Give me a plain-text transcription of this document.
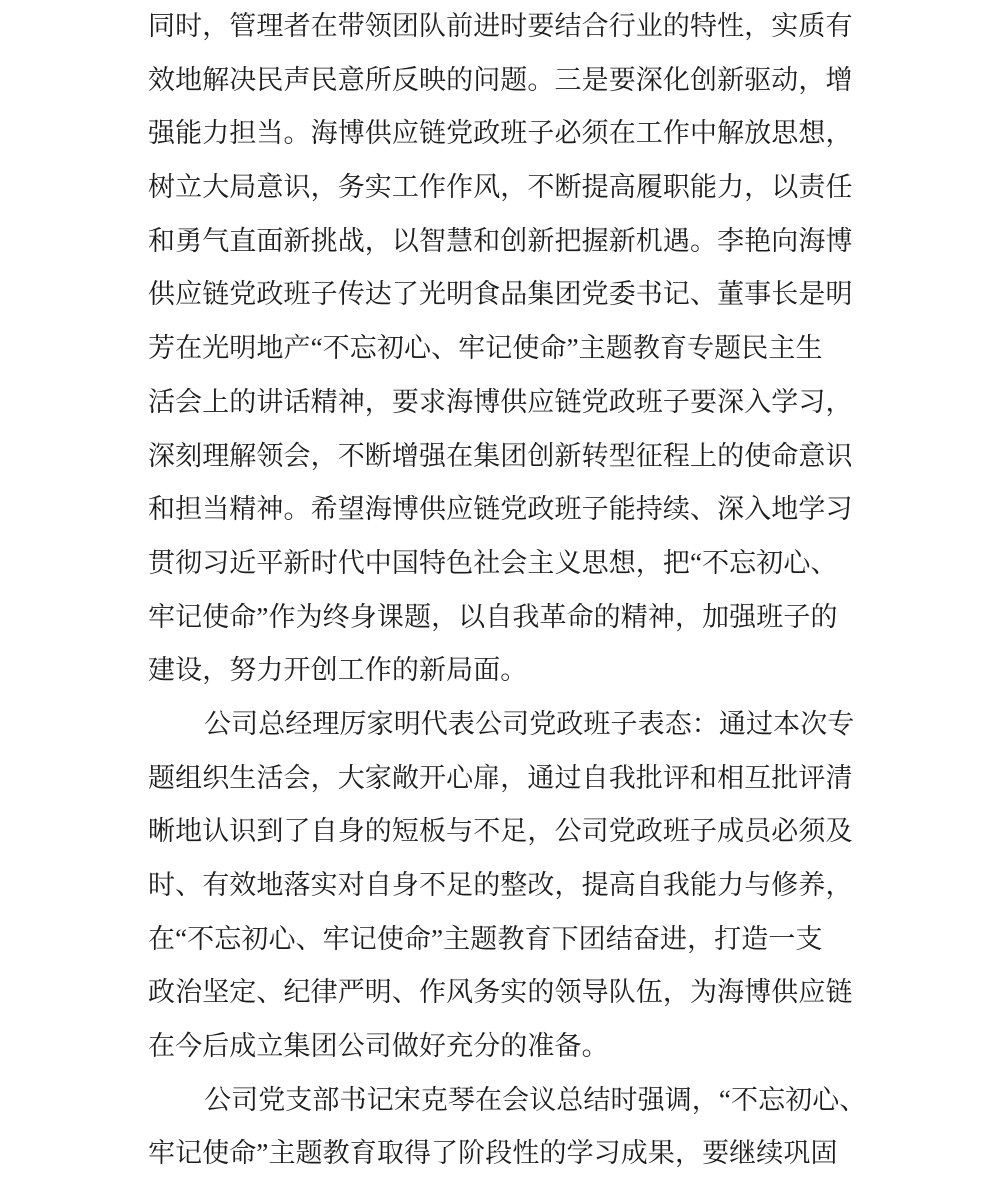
同时，管理者在带领团队前进时要结合行业的特性，实质有
效地解决民声民意所反映的问题。三是要深化创新驱动，增
强能力担当。海博供应链党政班子必须在工作中解放思想，
树立大局意识，务实工作作风，不断提高履职能力，以责任
和勇气直面新挑战，以智慧和创新把握新机遇。李艳向海博
供应链党政班子传达了光明食品集团党委书记、董事长是明
芳在光明地产“不忘初心、牢记使命”主题教育专题民主生
活会上的讲话精神，要求海博供应链党政班子要深入学习，
深刻理解领会，不断增强在集团创新转型征程上的使命意识
和担当精神。希望海博供应链党政班子能持续、深入地学习
贯彻习近平新时代中国特色社会主义思想，把“不忘初心、
牢记使命”作为终身课题，以自我革命的精神，加强班子的
建设，努力开创工作的新局面。

公司总经理厉家明代表公司党政班子表态：通过本次专
题组织生活会，大家敞开心扉，通过自我批评和相互批评清
晰地认识到了自身的短板与不足，公司党政班子成员必须及
时、有效地落实对自身不足的整改，提高自我能力与修养，
在“不忘初心、牢记使命”主题教育下团结奋进，打造一支
政治坚定、纪律严明、作风务实的领导队伍，为海博供应链
在今后成立集团公司做好充分的准备。

公司党支部书记宋克琴在会议总结时强调，“不忘初心、
牢记使命”主题教育取得了阶段性的学习成果，要继续巩固
